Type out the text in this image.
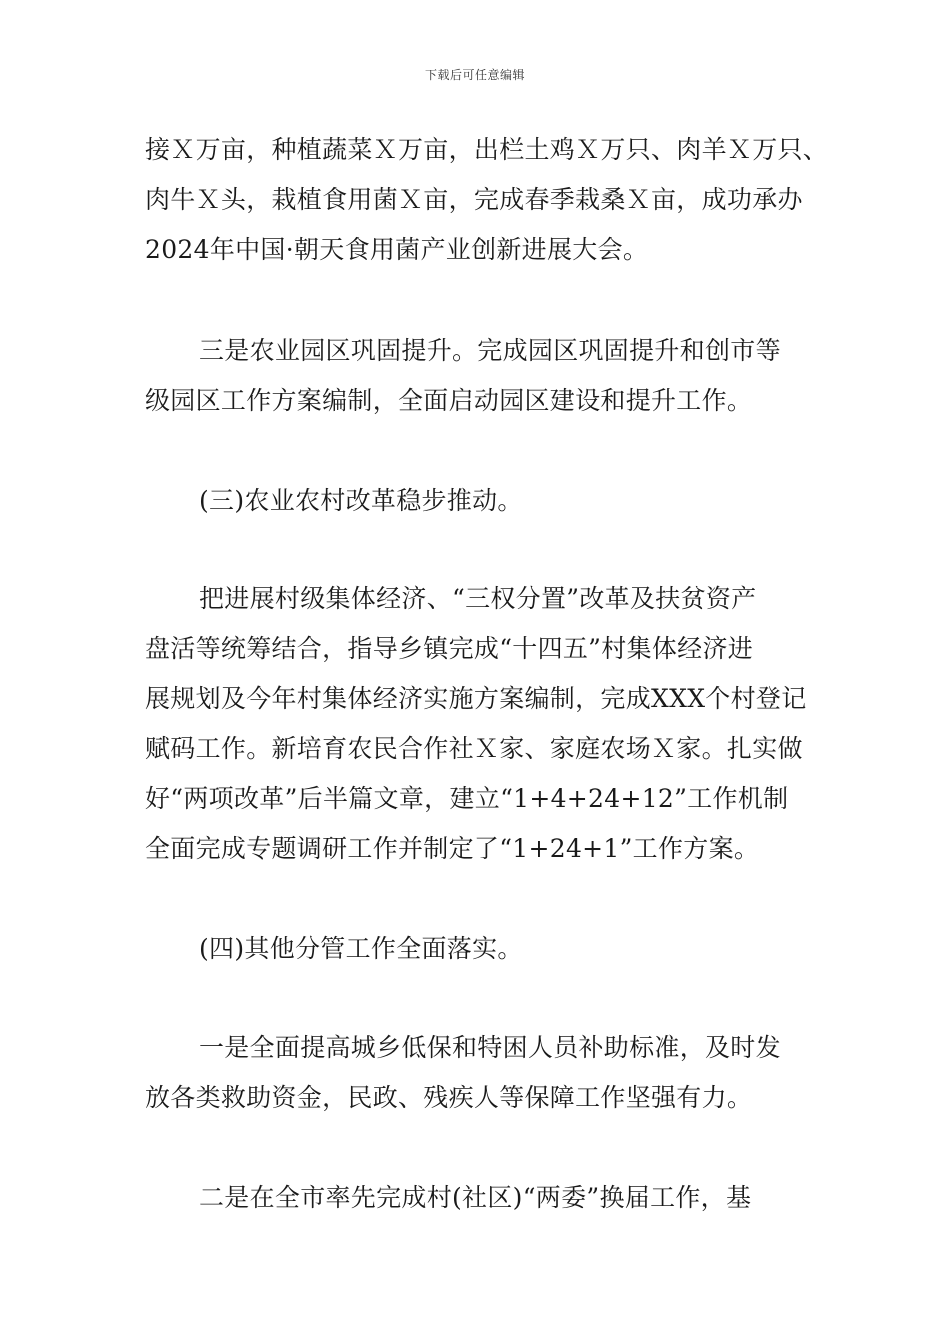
下载后可任意编辑
接Ｘ万亩，种植蔬菜Ｘ万亩，出栏土鸡Ｘ万只、肉羊Ｘ万只、
肉牛Ｘ头，栽植食用菌Ｘ亩，完成春季栽桑Ｘ亩，成功承办
2024年中国·朝天食用菌产业创新进展大会。
三是农业园区巩固提升。完成园区巩固提升和创市等
级园区工作方案编制，全面启动园区建设和提升工作。
(三)农业农村改革稳步推动。
把进展村级集体经济、“三权分置”改革及扶贫资产
盘活等统筹结合，指导乡镇完成“十四五”村集体经济进
展规划及今年村集体经济实施方案编制，完成XXX个村登记
赋码工作。新培育农民合作社Ｘ家、家庭农场Ｘ家。扎实做
好“两项改革”后半篇文章，建立“1+4+24+12”工作机制
全面完成专题调研工作并制定了“1+24+1”工作方案。
(四)其他分管工作全面落实。
一是全面提高城乡低保和特困人员补助标准，及时发
放各类救助资金，民政、残疾人等保障工作坚强有力。
二是在全市率先完成村(社区)“两委”换届工作，基
